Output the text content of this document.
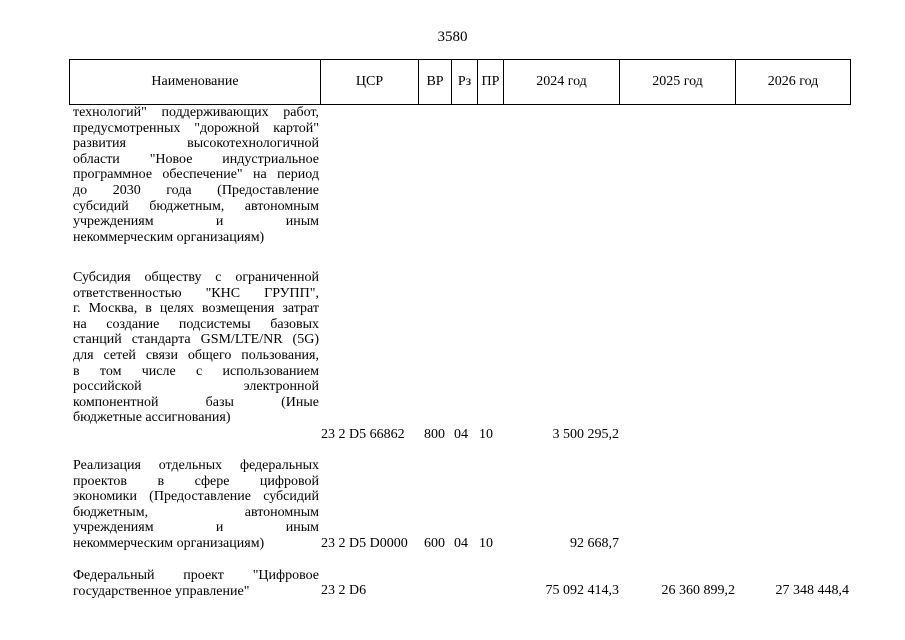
3580
Наименование	ЦСР	ВР	Рз ПР	2024 год	2025 год	2026 год
технологий" поддерживающих работ,
предусмотренных "дорожной картой"
развития высокотехнологичной
области "Новое индустриальное
программное обеспечение" на период
до 2030 года (Предоставление
субсидий бюджетным, автономным
учреждениям и иным
некоммерческим организациям)
Субсидия обществу с ограниченной
ответственностью "КНС ГРУПП",
г. Москва, в целях возмещения затрат
на создание подсистемы базовых
станций стандарта GSM/LTE/NR (5G)
для сетей связи общего пользования,
в том числе с использованием
российской электронной
компонентной базы (Иные
бюджетные ассигнования)
23 2 D5 66862 800 04 10	3 500 295,2
Реализация отдельных федеральных
проектов в сфере цифровой
экономики (Предоставление субсидий
бюджетным, автономным
учреждениям и иным
некоммерческим организациям)	23 2 D5 D0000 600 04 10	92 668,7
Федеральный проект "Цифровое
государственное управление"	23 2 D6	75 092 414,3	26 360 899,2	27 348 448,4
